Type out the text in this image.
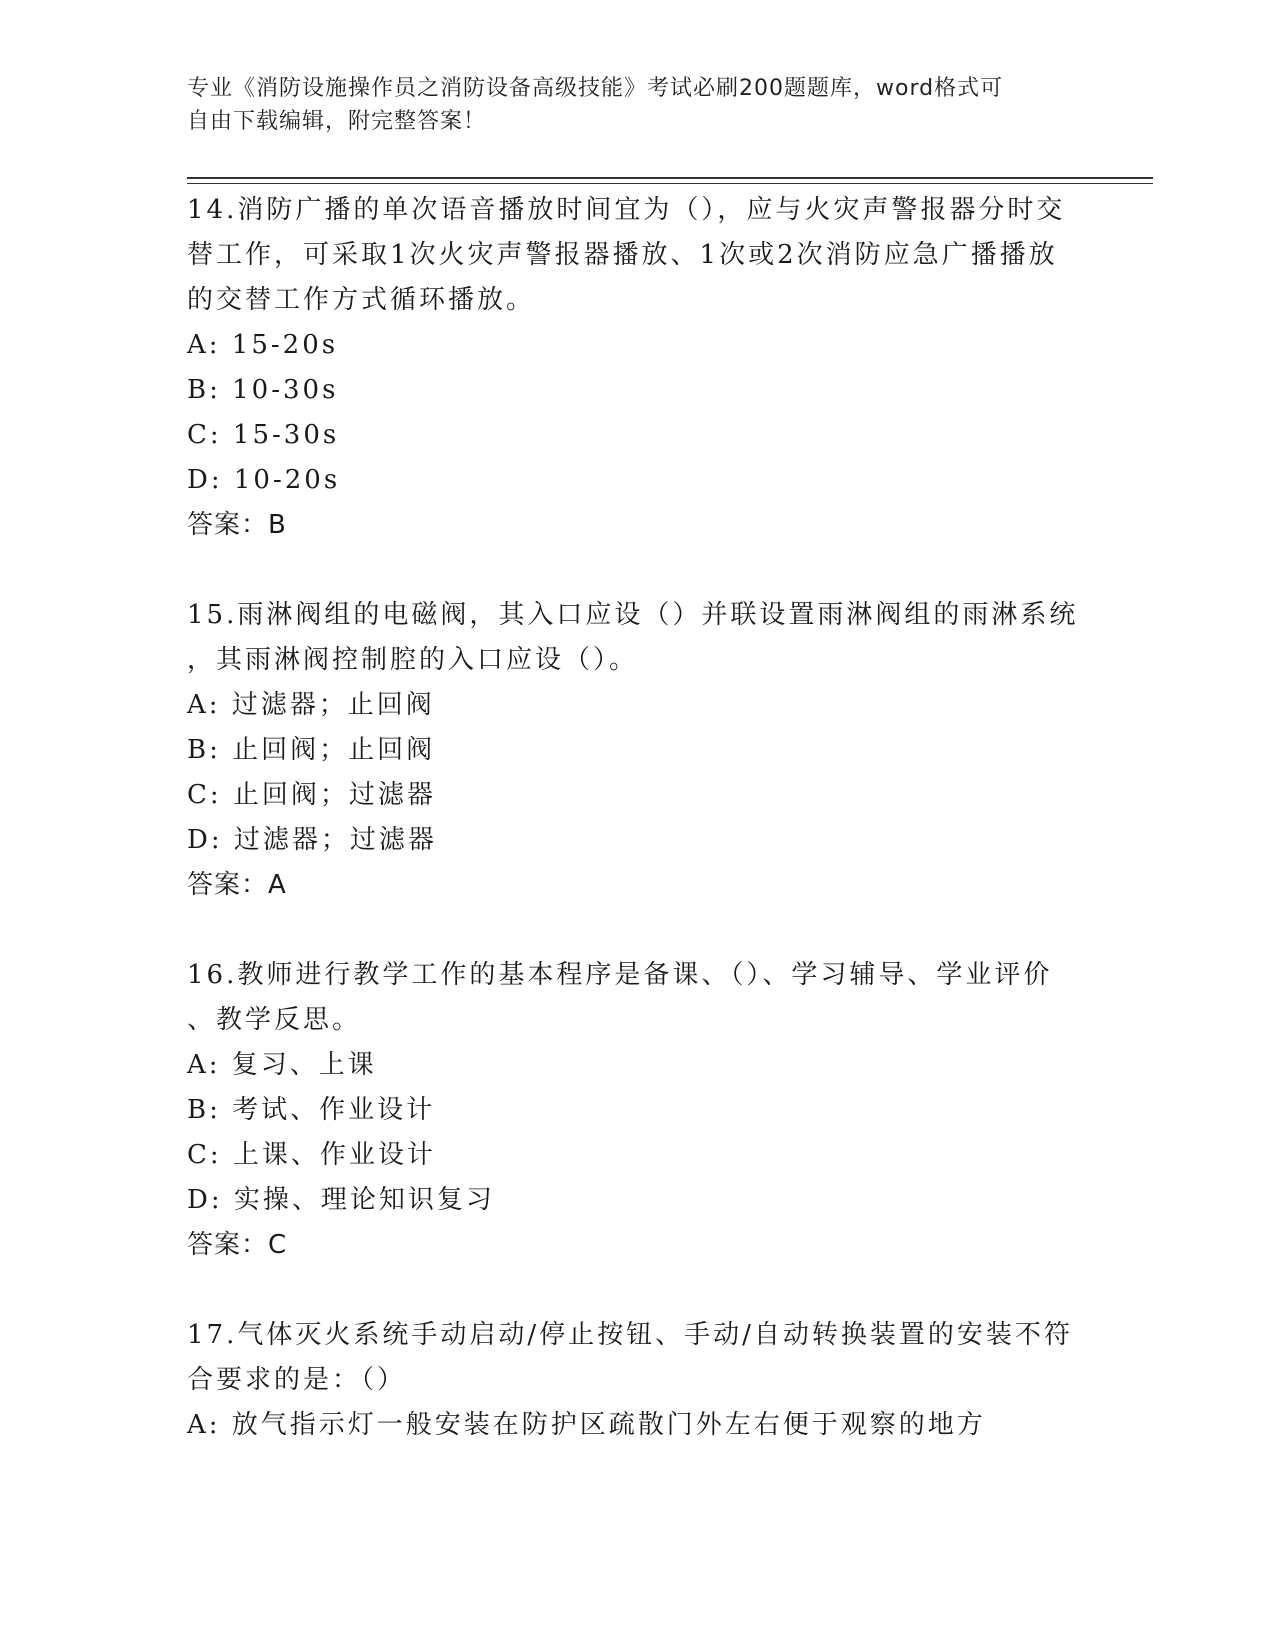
专业《消防设施操作员之消防设备高级技能》考试必刷200题题库，word格式可

自由下载编辑，附完整答案！

14.消防广播的单次语音播放时间宜为（），应与火灾声警报器分时交

替工作，可采取1次火灾声警报器播放、1次或2次消防应急广播播放

的交替工作方式循环播放。

A: 15-20s

B: 10-30s

C: 15-30s

D: 10-20s

答案：B

15.雨淋阀组的电磁阀，其入口应设（）并联设置雨淋阀组的雨淋系统

，其雨淋阀控制腔的入口应设（）。

A: 过滤器；止回阀

B: 止回阀；止回阀

C: 止回阀；过滤器

D: 过滤器；过滤器

答案：A

16.教师进行教学工作的基本程序是备课、（）、学习辅导、学业评价

、教学反思。

A: 复习、上课

B: 考试、作业设计

C: 上课、作业设计

D: 实操、理论知识复习

答案：C

17.气体灭火系统手动启动/停止按钮、手动/自动转换装置的安装不符

合要求的是：（）

A: 放气指示灯一般安装在防护区疏散门外左右便于观察的地方
